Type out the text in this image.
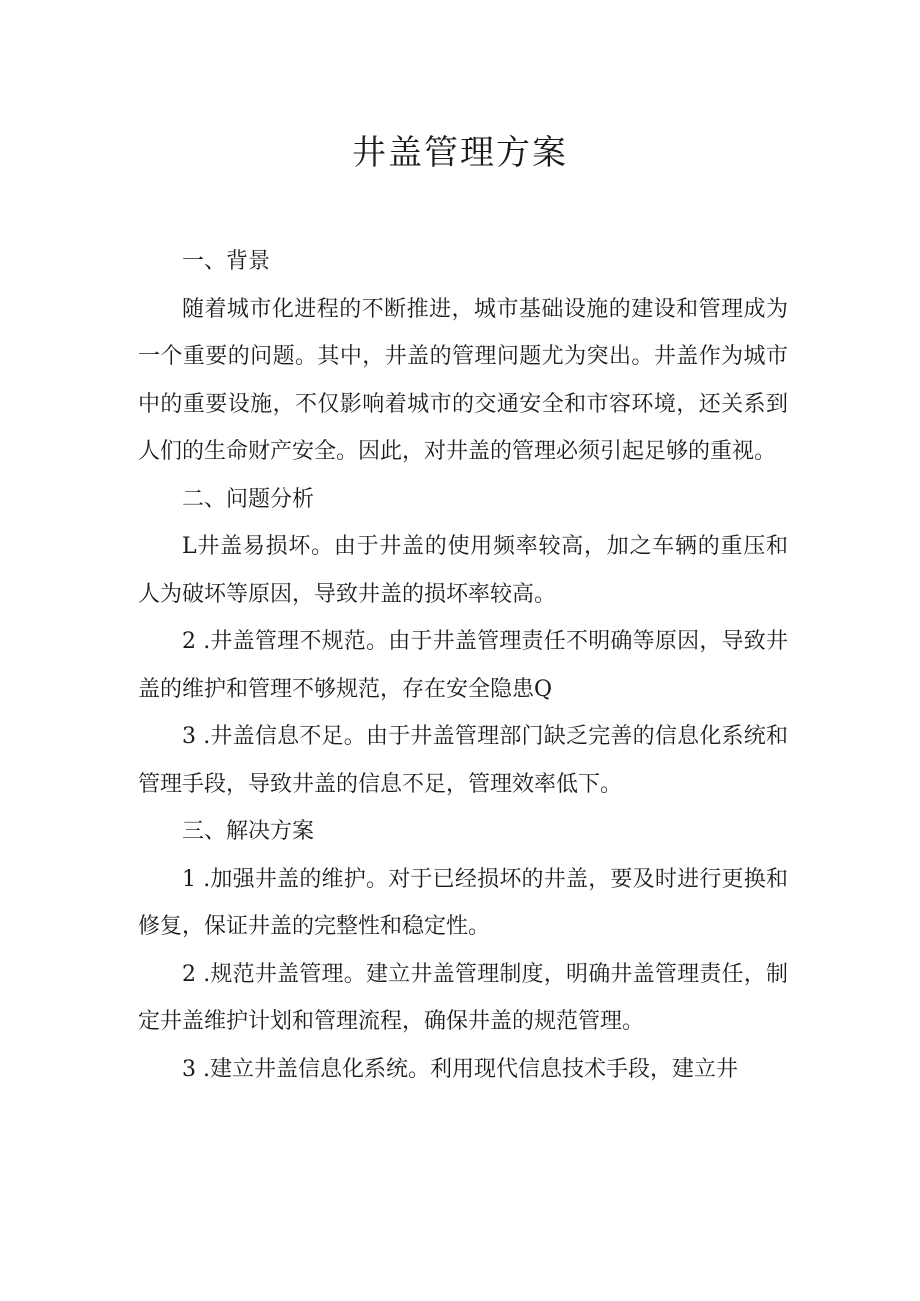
井盖管理方案

一、背景

随着城市化进程的不断推进，城市基础设施的建设和管理成为一个重要的问题。其中，井盖的管理问题尤为突出。井盖作为城市中的重要设施，不仅影响着城市的交通安全和市容环境，还关系到人们的生命财产安全。因此，对井盖的管理必须引起足够的重视。

二、问题分析

L井盖易损坏。由于井盖的使用频率较高，加之车辆的重压和人为破坏等原因，导致井盖的损坏率较高。

2 .井盖管理不规范。由于井盖管理责任不明确等原因，导致井盖的维护和管理不够规范，存在安全隐患Q

3 .井盖信息不足。由于井盖管理部门缺乏完善的信息化系统和管理手段，导致井盖的信息不足，管理效率低下。

三、解决方案

1 .加强井盖的维护。对于已经损坏的井盖，要及时进行更换和修复，保证井盖的完整性和稳定性。

2 .规范井盖管理。建立井盖管理制度，明确井盖管理责任，制定井盖维护计划和管理流程，确保井盖的规范管理。

3 .建立井盖信息化系统。利用现代信息技术手段，建立井
